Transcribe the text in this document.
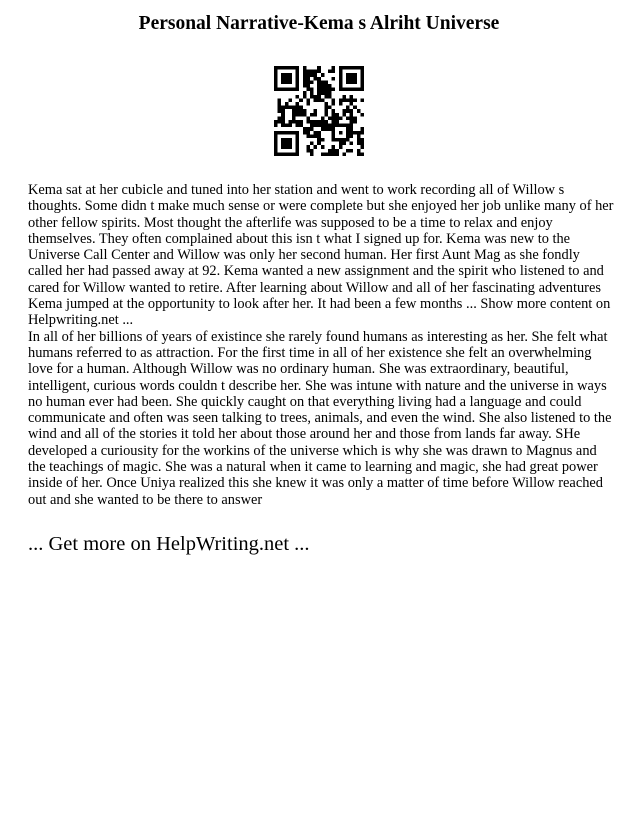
Personal Narrative-Kema s Alriht Universe

Kema sat at her cubicle and tuned into her station and went to work recording all of Willow s thoughts. Some didn t make much sense or were complete but she enjoyed her job unlike many of her other fellow spirits. Most thought the afterlife was supposed to be a time to relax and enjoy themselves. They often complained about this isn t what I signed up for. Kema was new to the Universe Call Center and Willow was only her second human. Her first Aunt Mag as she fondly called her had passed away at 92. Kema wanted a new assignment and the spirit who listened to and cared for Willow wanted to retire. After learning about Willow and all of her fascinating adventures Kema jumped at the opportunity to look after her. It had been a few months ... Show more content on Helpwriting.net ...

In all of her billions of years of existince she rarely found humans as interesting as her. She felt what humans referred to as attraction. For the first time in all of her existence she felt an overwhelming love for a human. Although Willow was no ordinary human. She was extraordinary, beautiful, intelligent, curious words couldn t describe her. She was intune with nature and the universe in ways no human ever had been. She quickly caught on that everything living had a language and could communicate and often was seen talking to trees, animals, and even the wind. She also listened to the wind and all of the stories it told her about those around her and those from lands far away. SHe developed a curiousity for the workins of the universe which is why she was drawn to Magnus and the teachings of magic. She was a natural when it came to learning and magic, she had great power inside of her. Once Uniya realized this she knew it was only a matter of time before Willow reached out and she wanted to be there to answer

... Get more on HelpWriting.net ...
